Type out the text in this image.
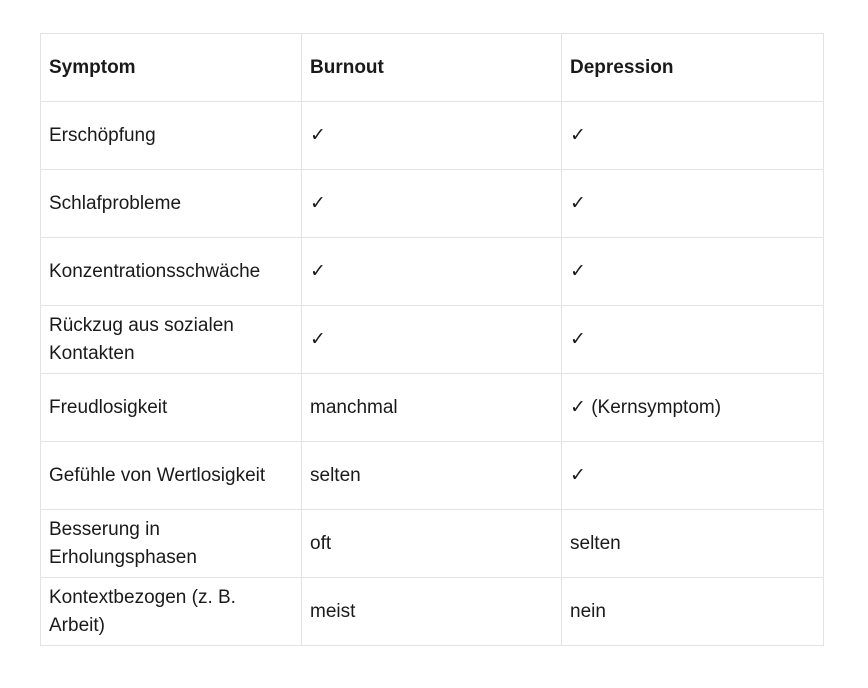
Symptom	Burnout	Depression
Erschöpfung	✓	✓
Schlafprobleme	✓	✓
Konzentrationsschwäche	✓	✓
Rückzug aus sozialen Kontakten	✓	✓
Freudlosigkeit	manchmal	✓ (Kernsymptom)
Gefühle von Wertlosigkeit	selten	✓
Besserung in Erholungsphasen	oft	selten
Kontextbezogen (z. B. Arbeit)	meist	nein
